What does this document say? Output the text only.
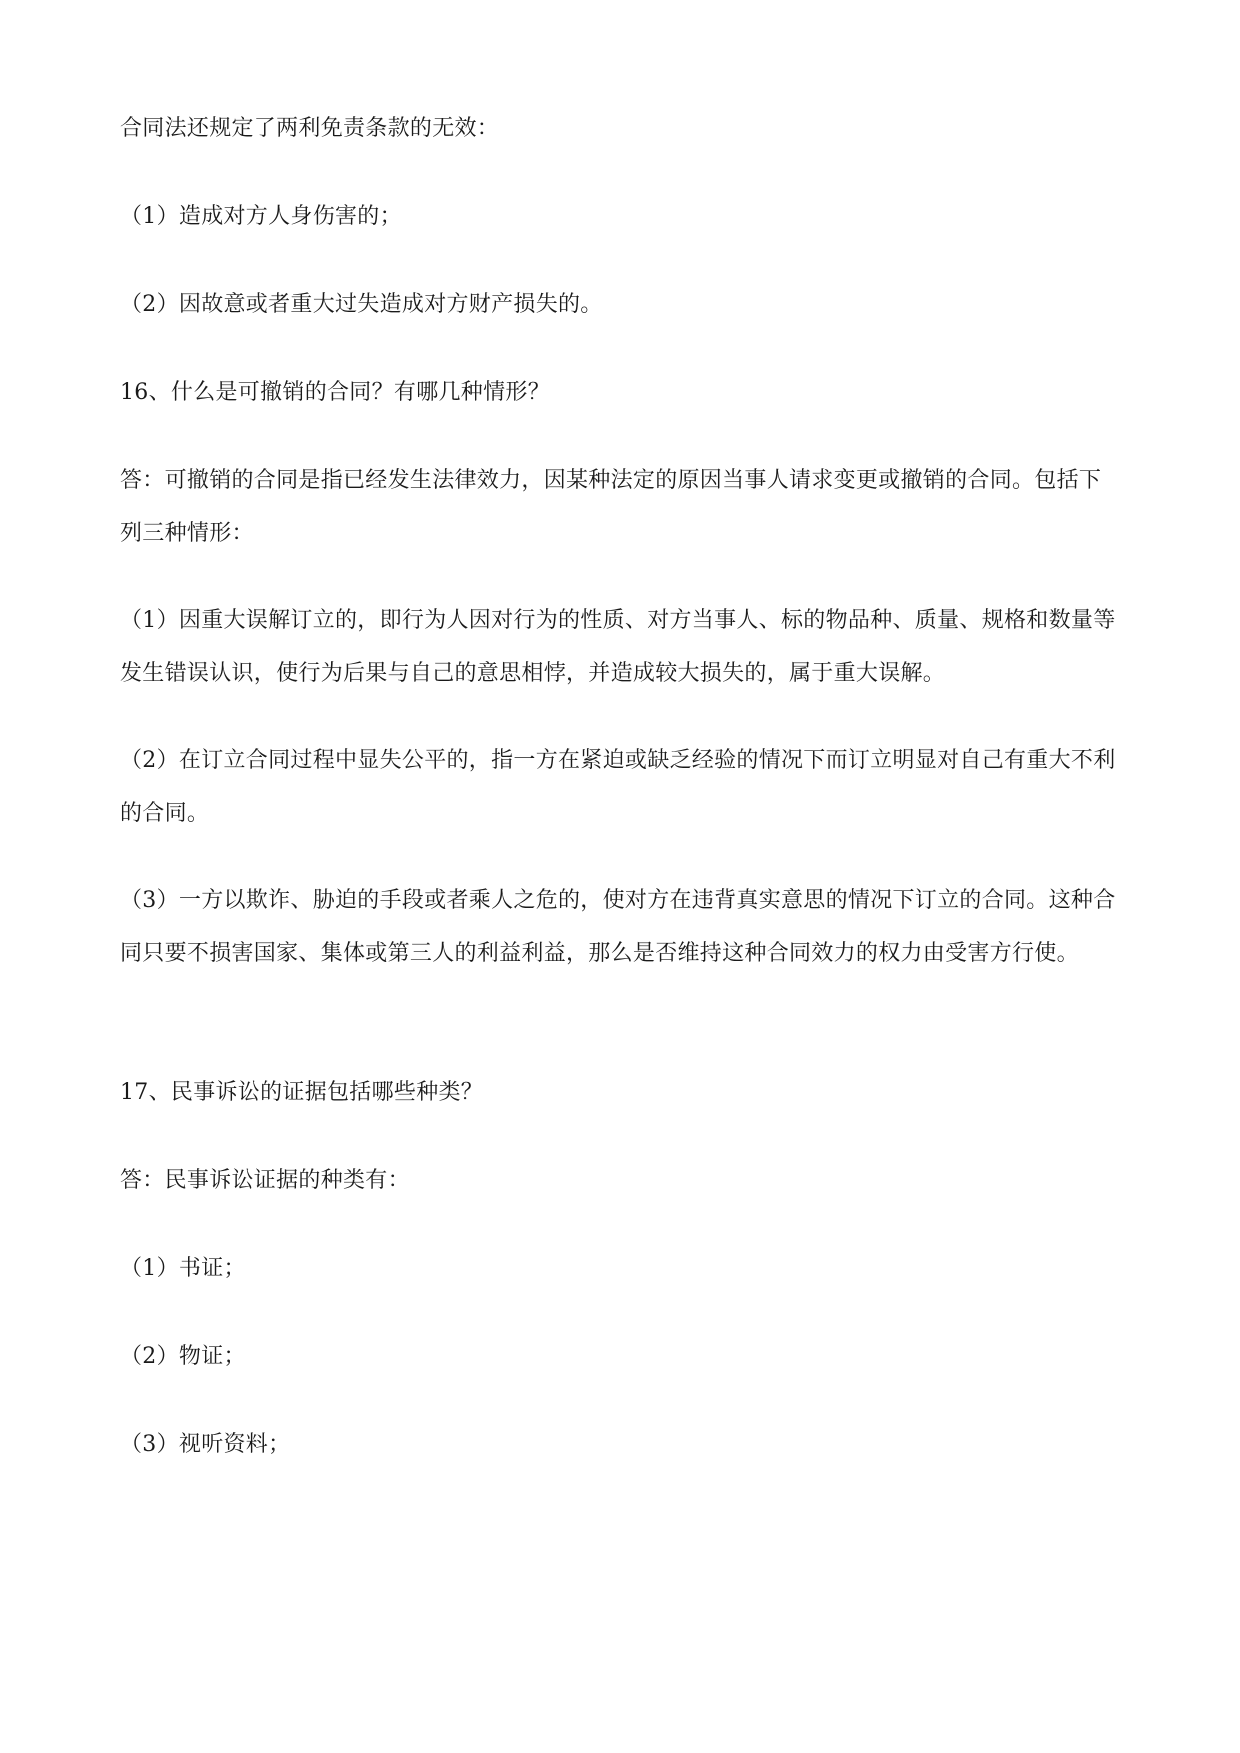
合同法还规定了两利免责条款的无效：

（1）造成对方人身伤害的；

（2）因故意或者重大过失造成对方财产损失的。

16、什么是可撤销的合同？有哪几种情形？

答：可撤销的合同是指已经发生法律效力，因某种法定的原因当事人请求变更或撤销的合同。包括下列三种情形：

（1）因重大误解订立的，即行为人因对行为的性质、对方当事人、标的物品种、质量、规格和数量等发生错误认识，使行为后果与自己的意思相悖，并造成较大损失的，属于重大误解。

（2）在订立合同过程中显失公平的，指一方在紧迫或缺乏经验的情况下而订立明显对自己有重大不利的合同。

（3）一方以欺诈、胁迫的手段或者乘人之危的，使对方在违背真实意思的情况下订立的合同。这种合同只要不损害国家、集体或第三人的利益利益，那么是否维持这种合同效力的权力由受害方行使。

17、民事诉讼的证据包括哪些种类？

答：民事诉讼证据的种类有：

（1）书证；

（2）物证；

（3）视听资料；
